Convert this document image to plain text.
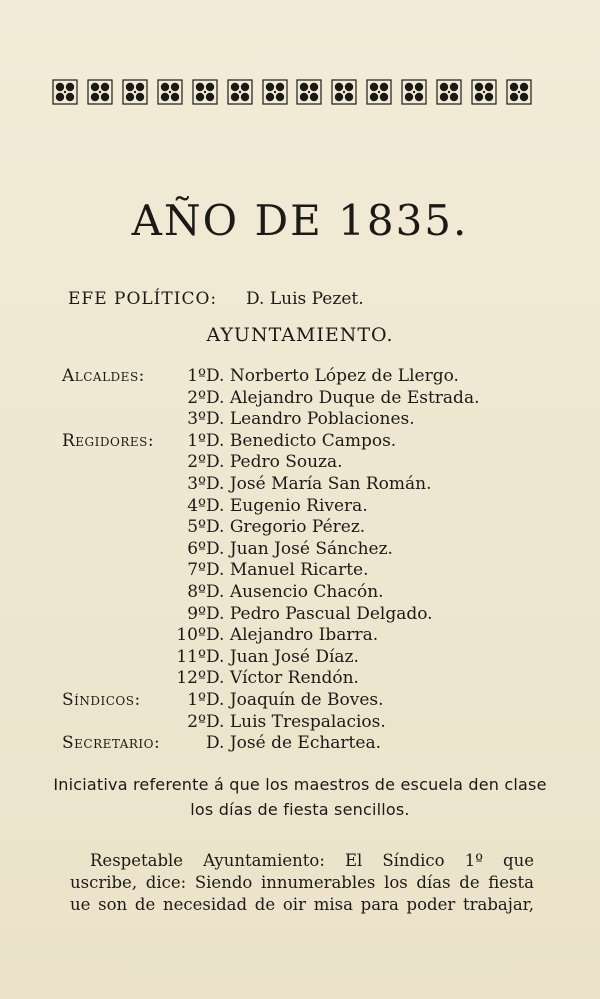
AÑO DE 1835.
EFE POLÍTICO: D. Luis Pezet.
AYUNTAMIENTO.
Alcaldes: 1º D. Norberto López de Llergo.
2º D. Alejandro Duque de Estrada.
3º D. Leandro Poblaciones.
Regidores: 1º D. Benedicto Campos.
2º D. Pedro Souza.
3º D. José María San Román.
4º D. Eugenio Rivera.
5º D. Gregorio Pérez.
6º D. Juan José Sánchez.
7º D. Manuel Ricarte.
8º D. Ausencio Chacón.
9º D. Pedro Pascual Delgado.
10º D. Alejandro Ibarra.
11º D. Juan José Díaz.
12º D. Víctor Rendón.
Síndicos:	1º D. Joaquín de Boves.
2º D. Luis Trespalacios.
Secretario:	D. José de Echartea.
Iniciativa referente á que los maestros de escuela den clase
los días de fiesta sencillos.
Respetable Ayuntamiento: El Síndico 1º que
uscribe, dice: Siendo innumerables los días de fiesta
ue son de necesidad de oir misa para poder trabajar,
